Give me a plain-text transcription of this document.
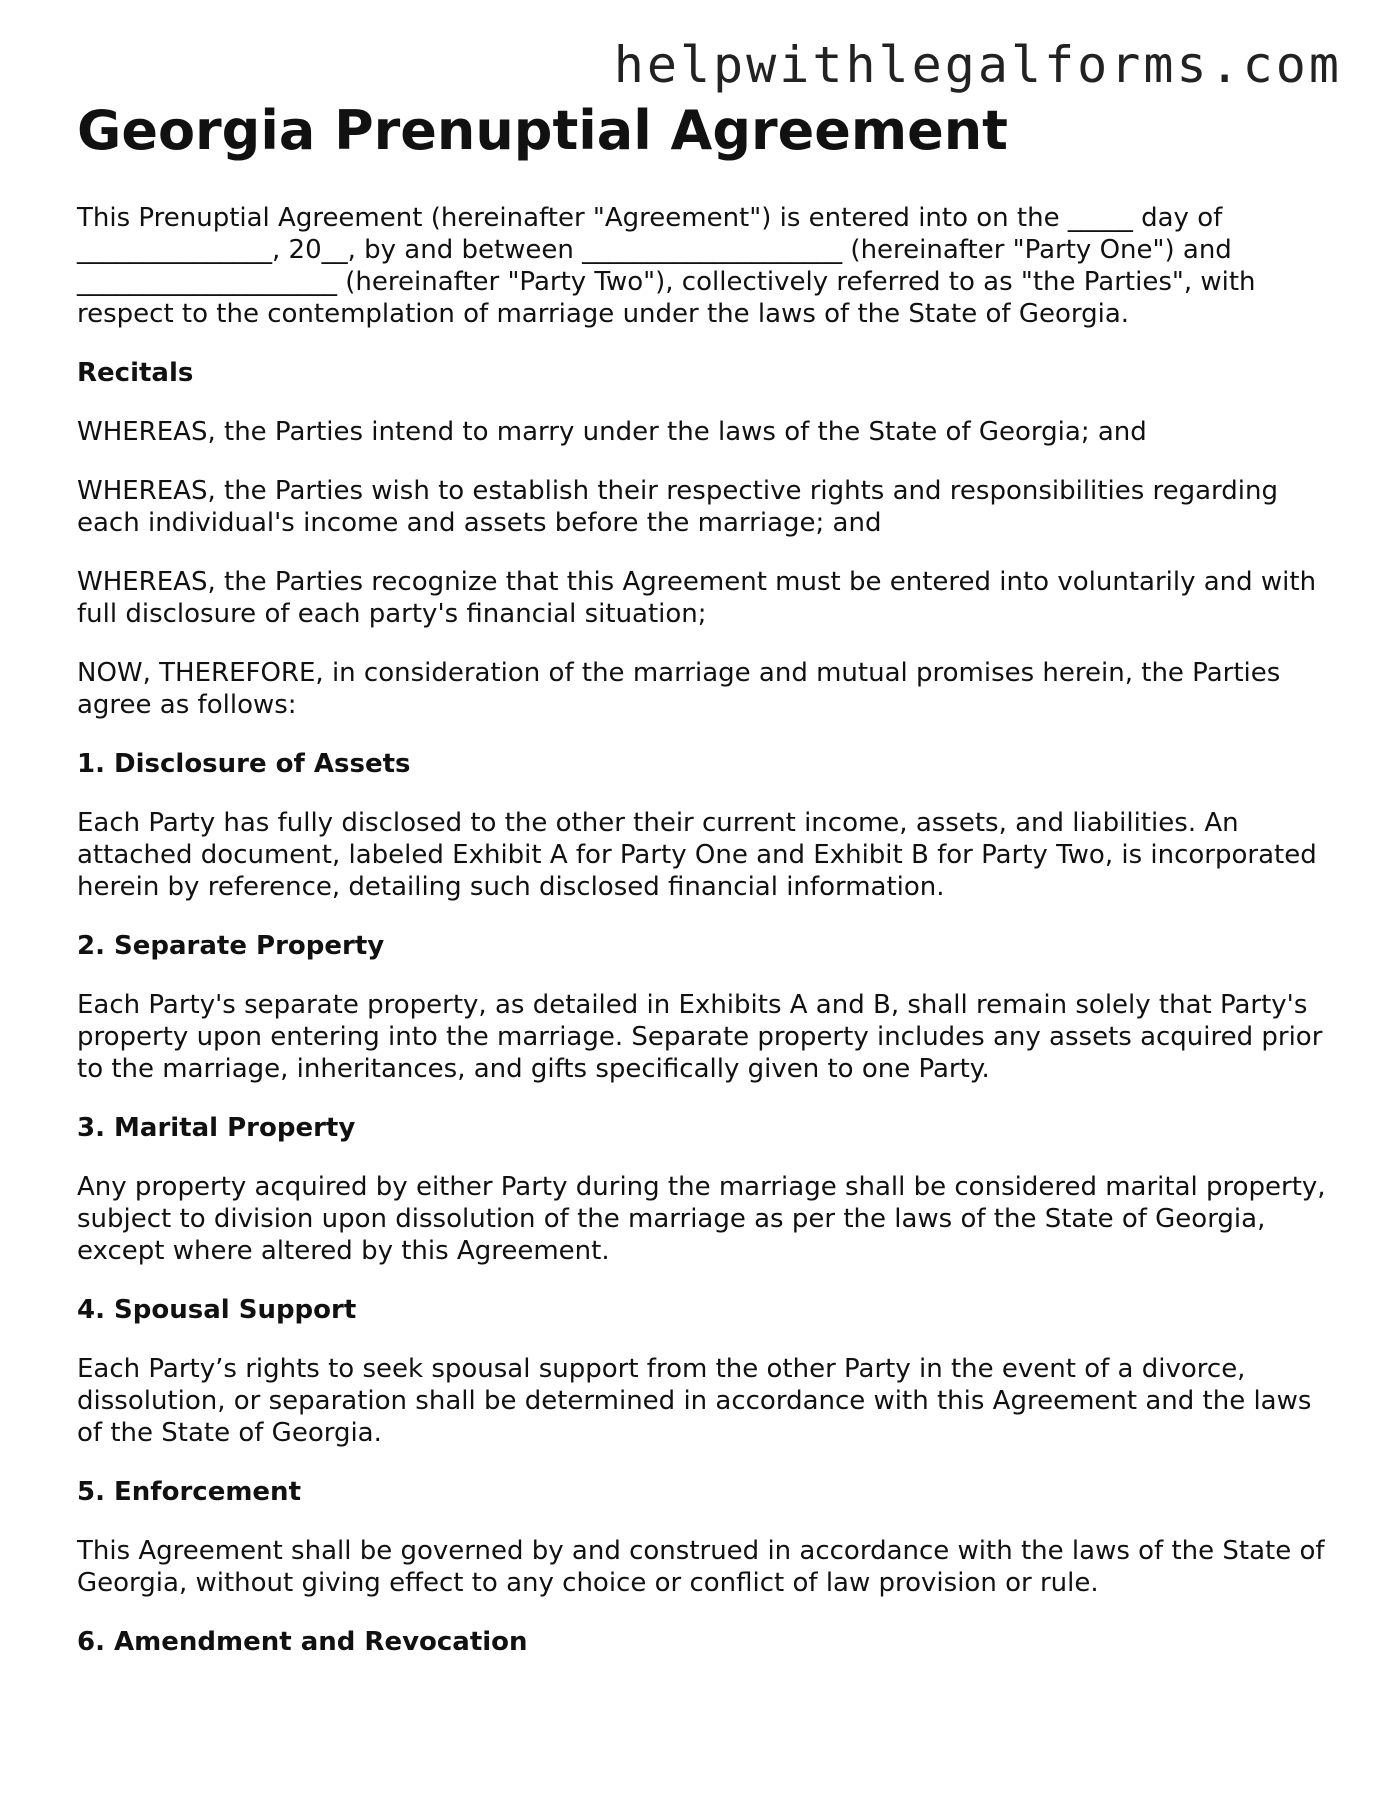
helpwithlegalforms.com
Georgia Prenuptial Agreement

This Prenuptial Agreement (hereinafter "Agreement") is entered into on the _____ day of _______________, 20__, by and between ____________________ (hereinafter "Party One") and ____________________ (hereinafter "Party Two"), collectively referred to as "the Parties", with respect to the contemplation of marriage under the laws of the State of Georgia.

Recitals

WHEREAS, the Parties intend to marry under the laws of the State of Georgia; and

WHEREAS, the Parties wish to establish their respective rights and responsibilities regarding each individual's income and assets before the marriage; and

WHEREAS, the Parties recognize that this Agreement must be entered into voluntarily and with full disclosure of each party's financial situation;

NOW, THEREFORE, in consideration of the marriage and mutual promises herein, the Parties agree as follows:

1. Disclosure of Assets

Each Party has fully disclosed to the other their current income, assets, and liabilities. An attached document, labeled Exhibit A for Party One and Exhibit B for Party Two, is incorporated herein by reference, detailing such disclosed financial information.

2. Separate Property

Each Party's separate property, as detailed in Exhibits A and B, shall remain solely that Party's property upon entering into the marriage. Separate property includes any assets acquired prior to the marriage, inheritances, and gifts specifically given to one Party.

3. Marital Property

Any property acquired by either Party during the marriage shall be considered marital property, subject to division upon dissolution of the marriage as per the laws of the State of Georgia, except where altered by this Agreement.

4. Spousal Support

Each Party’s rights to seek spousal support from the other Party in the event of a divorce, dissolution, or separation shall be determined in accordance with this Agreement and the laws of the State of Georgia.

5. Enforcement

This Agreement shall be governed by and construed in accordance with the laws of the State of Georgia, without giving effect to any choice or conflict of law provision or rule.

6. Amendment and Revocation
